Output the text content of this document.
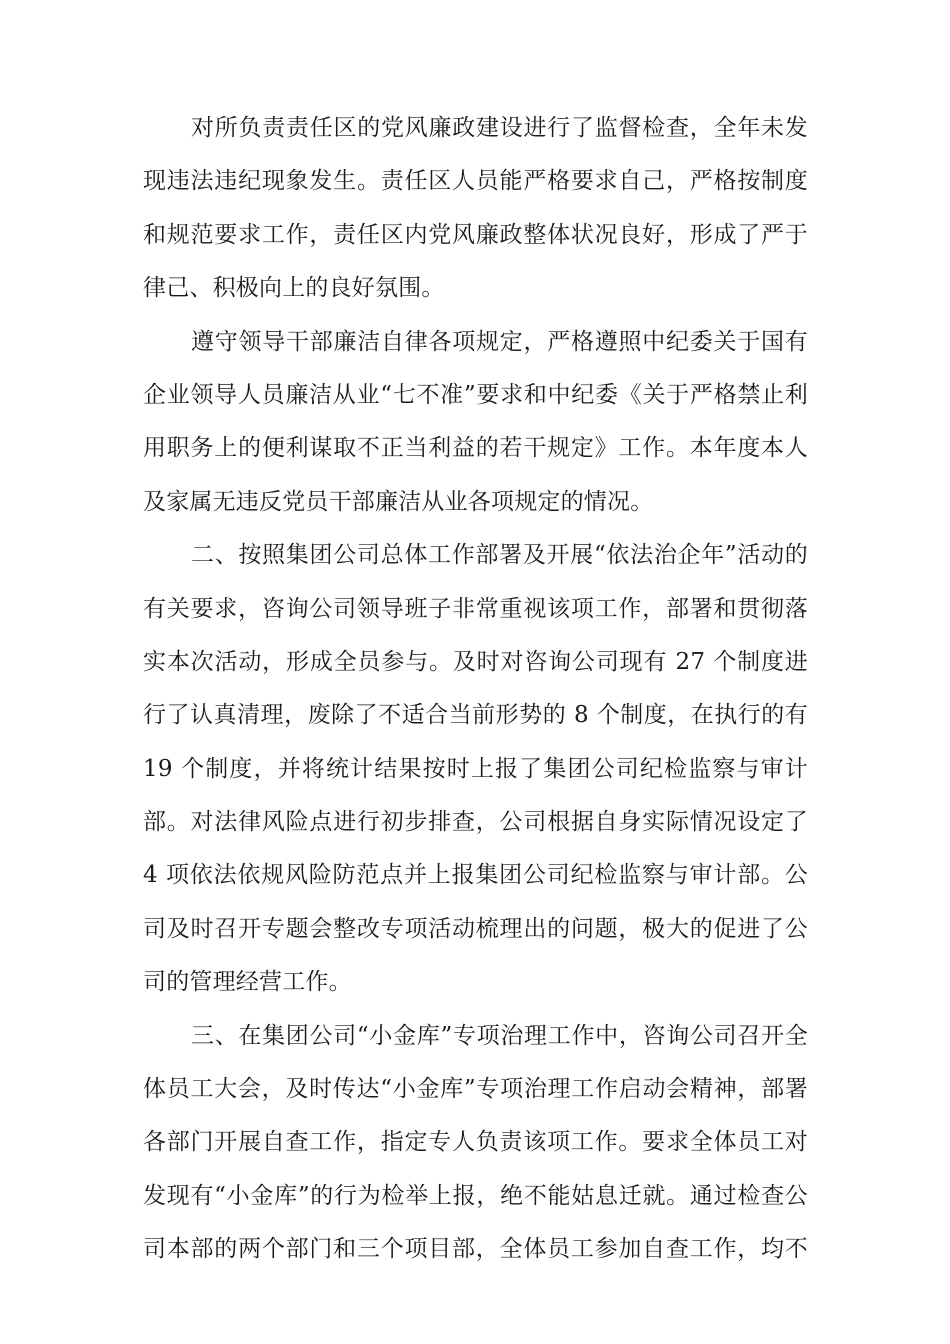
对所负责责任区的党风廉政建设进行了监督检查，全年未发
现违法违纪现象发生。责任区人员能严格要求自己，严格按制度
和规范要求工作，责任区内党风廉政整体状况良好，形成了严于
律己、积极向上的良好氛围。

遵守领导干部廉洁自律各项规定，严格遵照中纪委关于国有
企业领导人员廉洁从业“七不准”要求和中纪委《关于严格禁止利
用职务上的便利谋取不正当利益的若干规定》工作。本年度本人
及家属无违反党员干部廉洁从业各项规定的情况。

二、按照集团公司总体工作部署及开展“依法治企年”活动的
有关要求，咨询公司领导班子非常重视该项工作，部署和贯彻落
实本次活动，形成全员参与。及时对咨询公司现有 27 个制度进
行了认真清理，废除了不适合当前形势的 8 个制度，在执行的有
19 个制度，并将统计结果按时上报了集团公司纪检监察与审计
部。对法律风险点进行初步排查，公司根据自身实际情况设定了
4 项依法依规风险防范点并上报集团公司纪检监察与审计部。公
司及时召开专题会整改专项活动梳理出的问题，极大的促进了公
司的管理经营工作。

三、在集团公司“小金库”专项治理工作中，咨询公司召开全
体员工大会，及时传达“小金库”专项治理工作启动会精神，部署
各部门开展自查工作，指定专人负责该项工作。要求全体员工对
发现有“小金库”的行为检举上报，绝不能姑息迁就。通过检查公
司本部的两个部门和三个项目部，全体员工参加自查工作，均不
